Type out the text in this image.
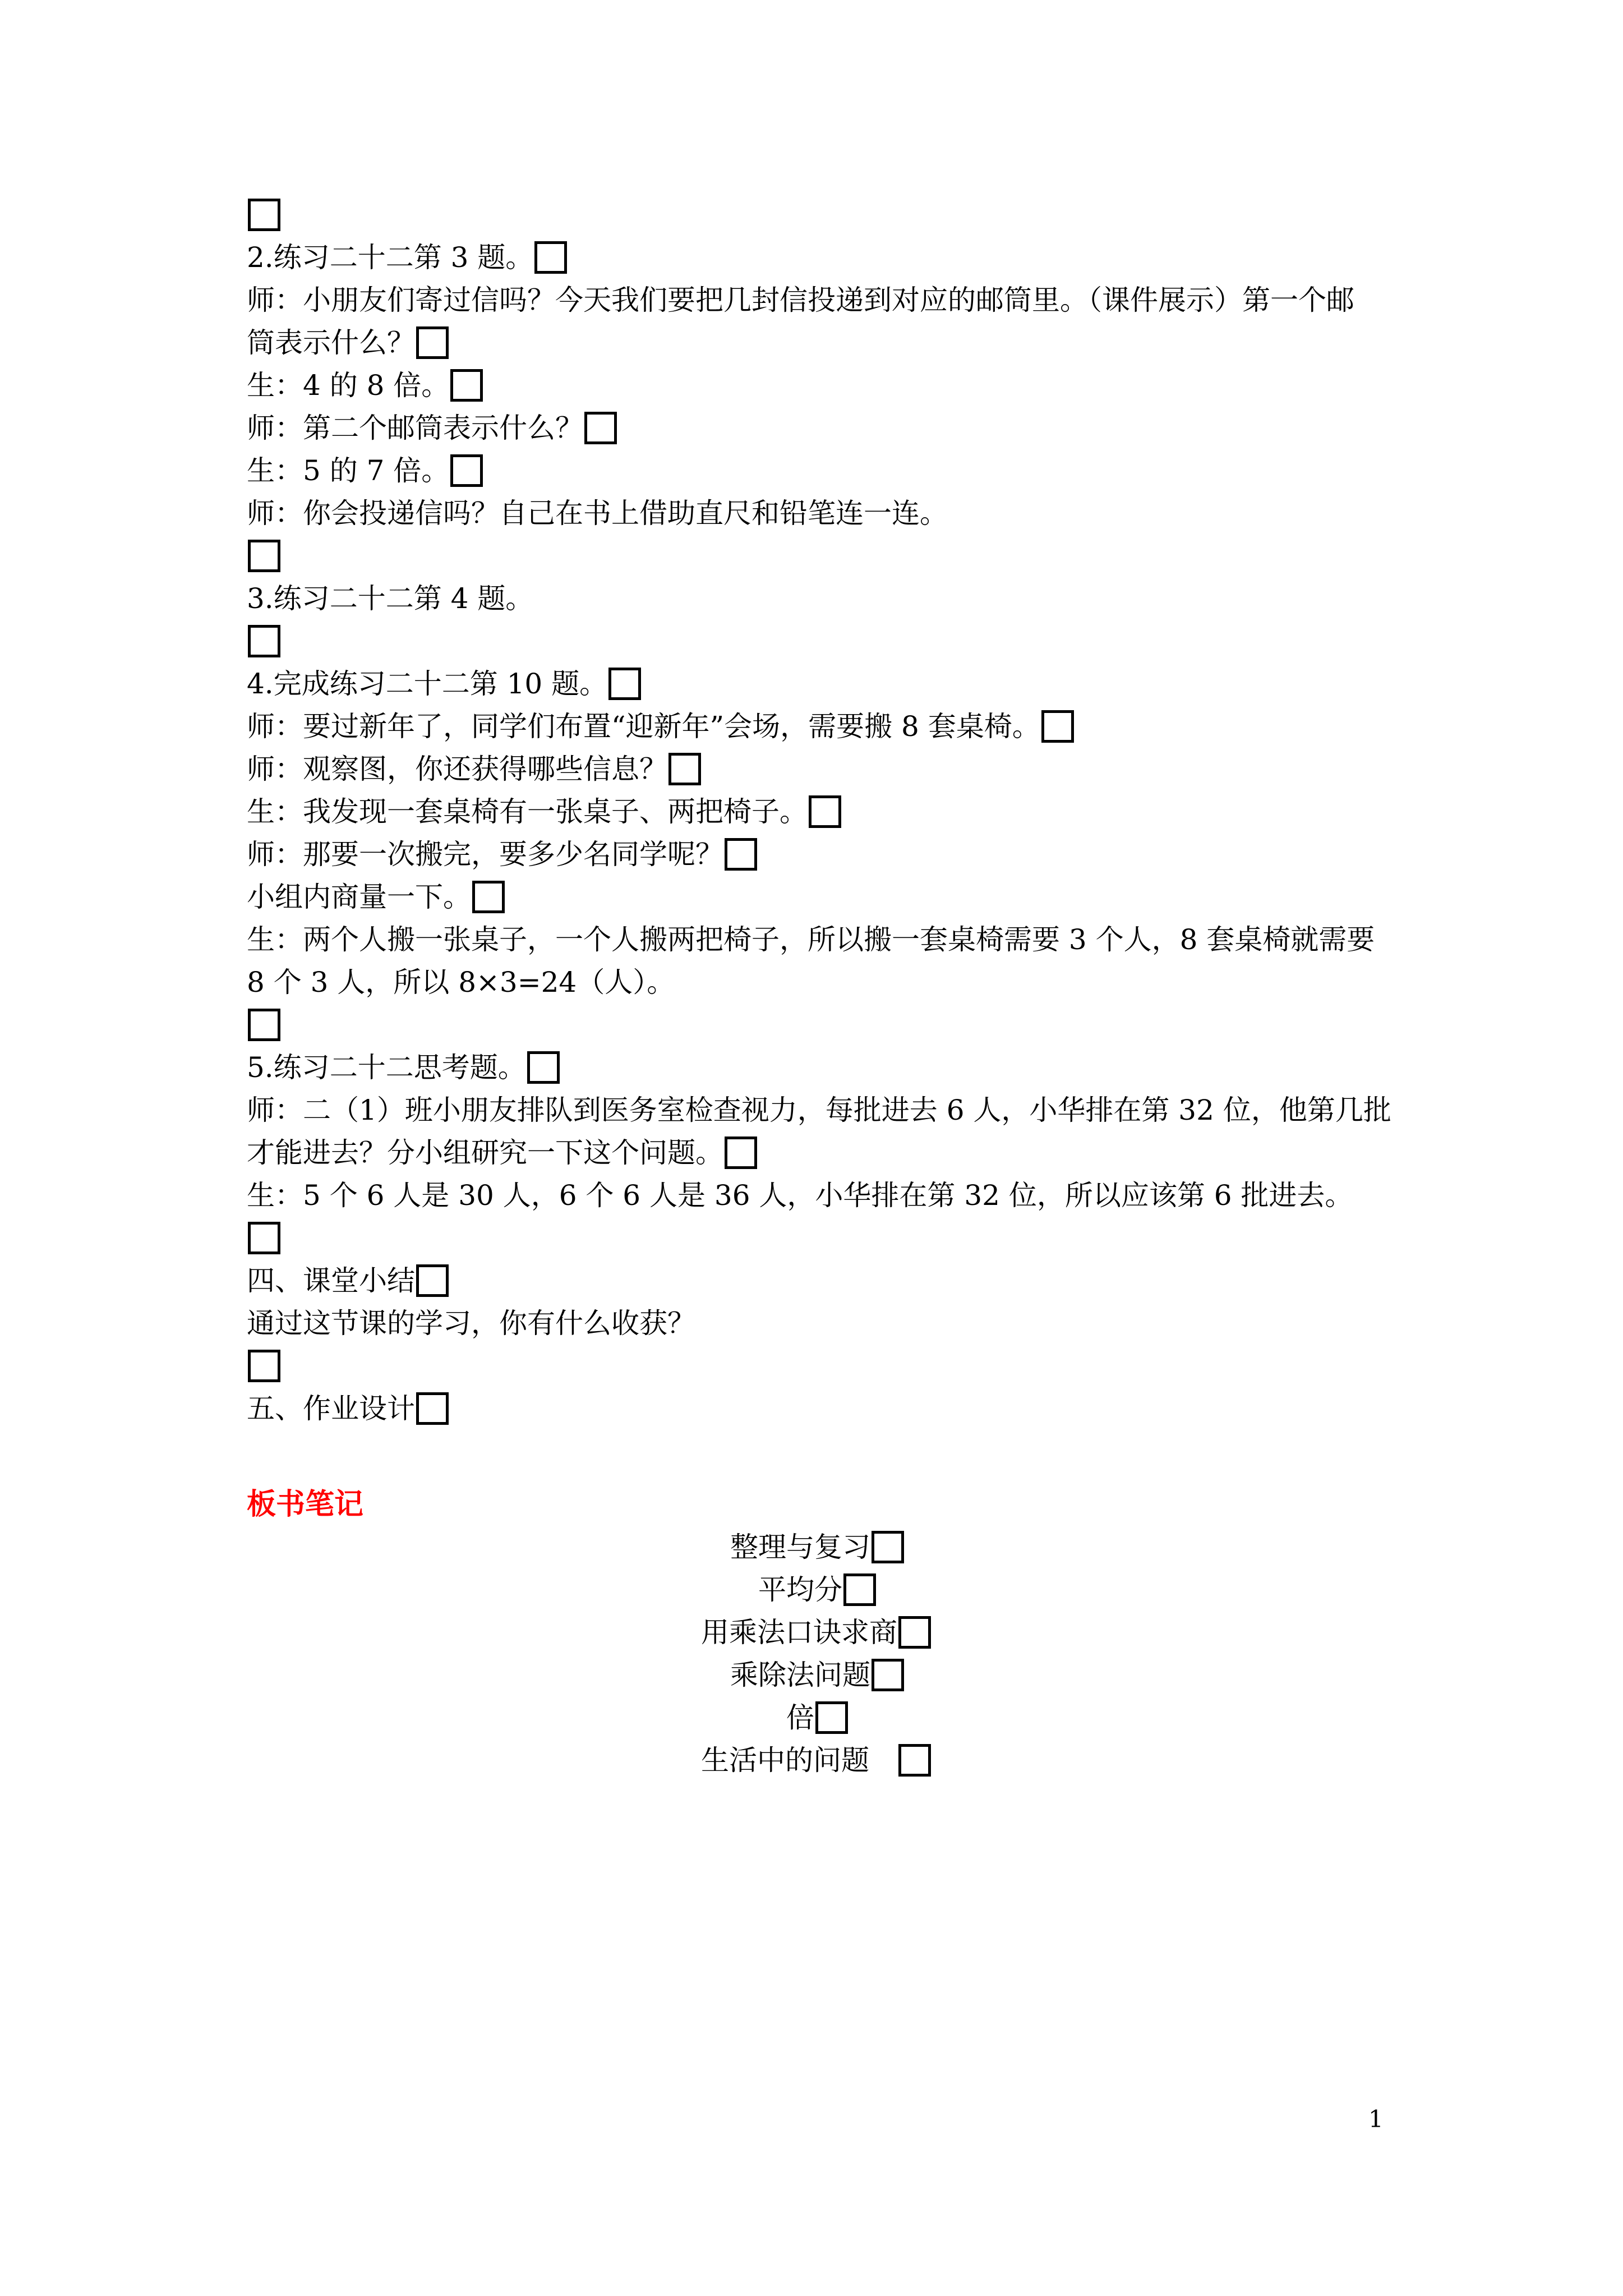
2.练习二十二第 3 题。
师：小朋友们寄过信吗？今天我们要把几封信投递到对应的邮筒里。（课件展示）第一个邮
筒表示什么？
生：4 的 8 倍。
师：第二个邮筒表示什么？
生：5 的 7 倍。
师：你会投递信吗？自己在书上借助直尺和铅笔连一连。
3.练习二十二第 4 题。
4.完成练习二十二第 10 题。
师：要过新年了，同学们布置“迎新年”会场，需要搬 8 套桌椅。
师：观察图，你还获得哪些信息？
生：我发现一套桌椅有一张桌子、两把椅子。
师：那要一次搬完，要多少名同学呢？
小组内商量一下。
生：两个人搬一张桌子，一个人搬两把椅子，所以搬一套桌椅需要 3 个人，8 套桌椅就需要
8 个 3 人，所以 8×3=24（人）。
5.练习二十二思考题。
师：二（1）班小朋友排队到医务室检查视力，每批进去 6 人，小华排在第 32 位，他第几批
才能进去？分小组研究一下这个问题。
生：5 个 6 人是 30 人，6 个 6 人是 36 人，小华排在第 32 位，所以应该第 6 批进去。
四、课堂小结
通过这节课的学习，你有什么收获？
五、作业设计
板书笔记
整理与复习
平均分
用乘法口诀求商
乘除法问题
倍
生活中的问题
1
